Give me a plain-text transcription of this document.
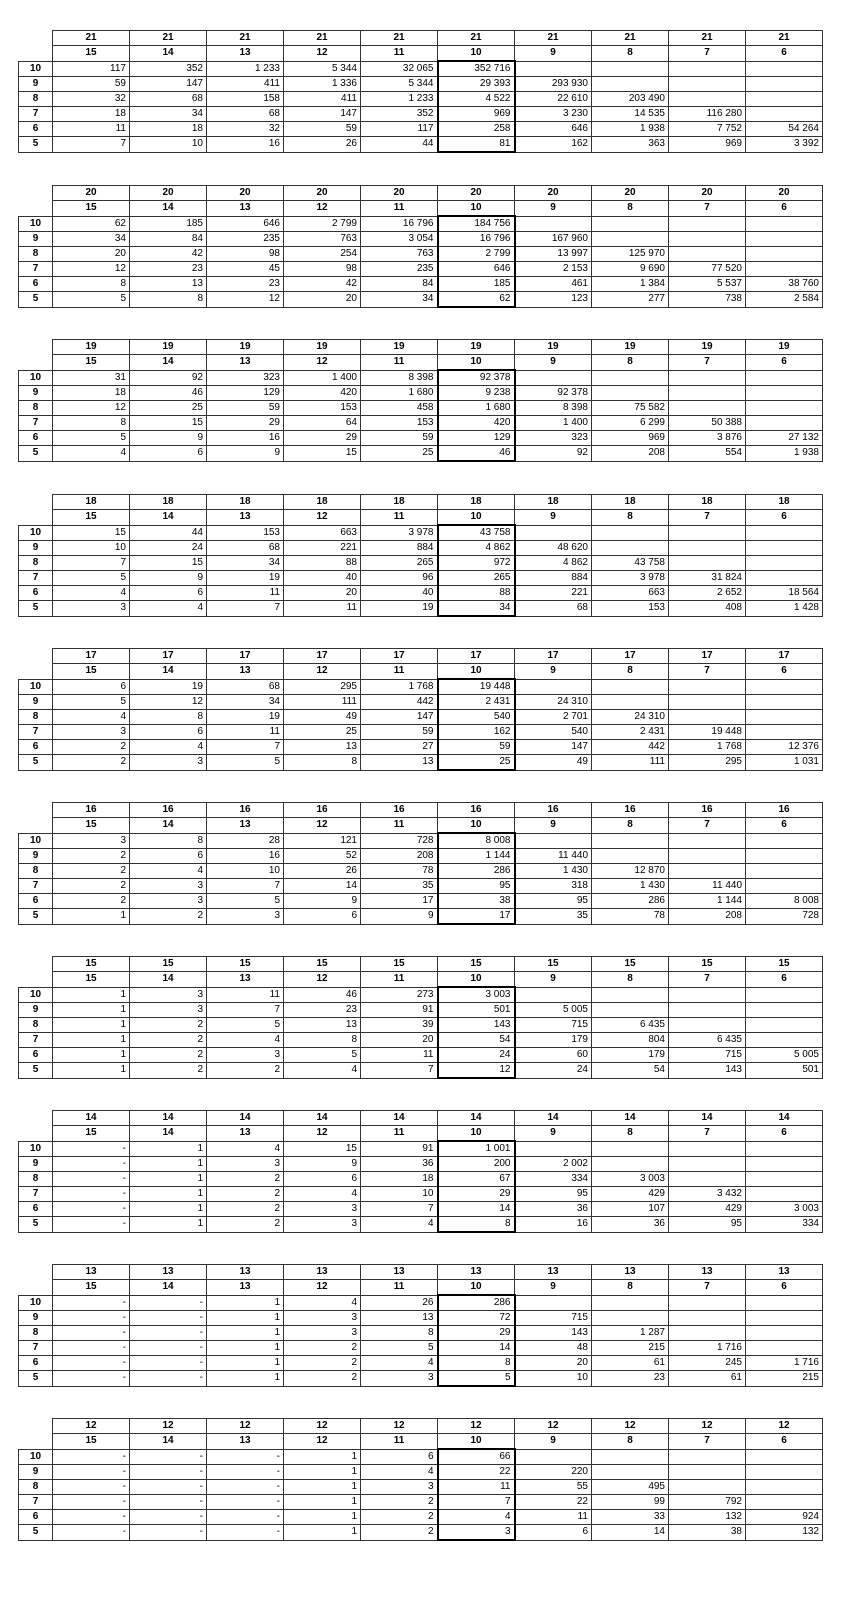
	21	21	21	21	21	21	21	21	21	21
	15	14	13	12	11	10	9	8	7	6
10	117	352	1 233	5 344	32 065	352 716				
9	59	147	411	1 336	5 344	29 393	293 930			
8	32	68	158	411	1 233	4 522	22 610	203 490		
7	18	34	68	147	352	969	3 230	14 535	116 280	
6	11	18	32	59	117	258	646	1 938	7 752	54 264
5	7	10	16	26	44	81	162	363	969	3 392
	20	20	20	20	20	20	20	20	20	20
	15	14	13	12	11	10	9	8	7	6
10	62	185	646	2 799	16 796	184 756				
9	34	84	235	763	3 054	16 796	167 960			
8	20	42	98	254	763	2 799	13 997	125 970		
7	12	23	45	98	235	646	2 153	9 690	77 520	
6	8	13	23	42	84	185	461	1 384	5 537	38 760
5	5	8	12	20	34	62	123	277	738	2 584
	19	19	19	19	19	19	19	19	19	19
	15	14	13	12	11	10	9	8	7	6
10	31	92	323	1 400	8 398	92 378				
9	18	46	129	420	1 680	9 238	92 378			
8	12	25	59	153	458	1 680	8 398	75 582		
7	8	15	29	64	153	420	1 400	6 299	50 388	
6	5	9	16	29	59	129	323	969	3 876	27 132
5	4	6	9	15	25	46	92	208	554	1 938
	18	18	18	18	18	18	18	18	18	18
	15	14	13	12	11	10	9	8	7	6
10	15	44	153	663	3 978	43 758				
9	10	24	68	221	884	4 862	48 620			
8	7	15	34	88	265	972	4 862	43 758		
7	5	9	19	40	96	265	884	3 978	31 824	
6	4	6	11	20	40	88	221	663	2 652	18 564
5	3	4	7	11	19	34	68	153	408	1 428
	17	17	17	17	17	17	17	17	17	17
	15	14	13	12	11	10	9	8	7	6
10	6	19	68	295	1 768	19 448				
9	5	12	34	111	442	2 431	24 310			
8	4	8	19	49	147	540	2 701	24 310		
7	3	6	11	25	59	162	540	2 431	19 448	
6	2	4	7	13	27	59	147	442	1 768	12 376
5	2	3	5	8	13	25	49	111	295	1 031
	16	16	16	16	16	16	16	16	16	16
	15	14	13	12	11	10	9	8	7	6
10	3	8	28	121	728	8 008				
9	2	6	16	52	208	1 144	11 440			
8	2	4	10	26	78	286	1 430	12 870		
7	2	3	7	14	35	95	318	1 430	11 440	
6	2	3	5	9	17	38	95	286	1 144	8 008
5	1	2	3	6	9	17	35	78	208	728
	15	15	15	15	15	15	15	15	15	15
	15	14	13	12	11	10	9	8	7	6
10	1	3	11	46	273	3 003				
9	1	3	7	23	91	501	5 005			
8	1	2	5	13	39	143	715	6 435		
7	1	2	4	8	20	54	179	804	6 435	
6	1	2	3	5	11	24	60	179	715	5 005
5	1	2	2	4	7	12	24	54	143	501
	14	14	14	14	14	14	14	14	14	14
	15	14	13	12	11	10	9	8	7	6
10	-	1	4	15	91	1 001				
9	-	1	3	9	36	200	2 002			
8	-	1	2	6	18	67	334	3 003		
7	-	1	2	4	10	29	95	429	3 432	
6	-	1	2	3	7	14	36	107	429	3 003
5	-	1	2	3	4	8	16	36	95	334
	13	13	13	13	13	13	13	13	13	13
	15	14	13	12	11	10	9	8	7	6
10	-	-	1	4	26	286				
9	-	-	1	3	13	72	715			
8	-	-	1	3	8	29	143	1 287		
7	-	-	1	2	5	14	48	215	1 716	
6	-	-	1	2	4	8	20	61	245	1 716
5	-	-	1	2	3	5	10	23	61	215
	12	12	12	12	12	12	12	12	12	12
	15	14	13	12	11	10	9	8	7	6
10	-	-	-	1	6	66				
9	-	-	-	1	4	22	220			
8	-	-	-	1	3	11	55	495		
7	-	-	-	1	2	7	22	99	792	
6	-	-	-	1	2	4	11	33	132	924
5	-	-	-	1	2	3	6	14	38	132
